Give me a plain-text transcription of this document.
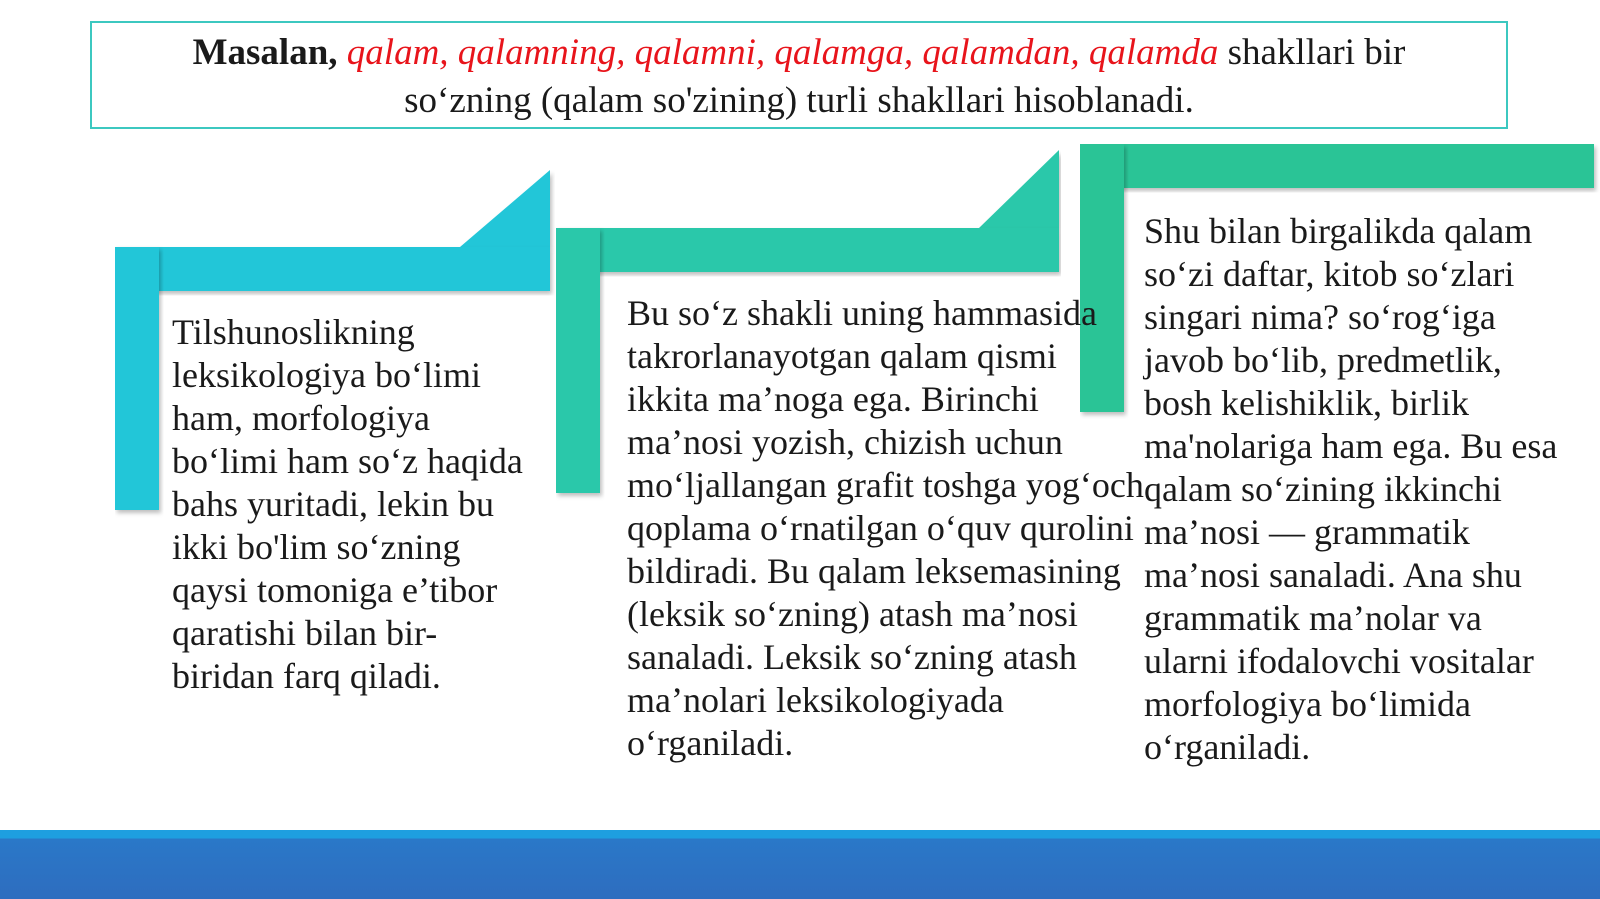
Masalan, qalam, qalamning, qalamni, qalamga, qalamdan, qalamda shakllari bir
so‘zning (qalam so'zining) turli shakllari hisoblanadi.
Tilshunoslikning leksikologiya bo‘limi ham, morfologiya bo‘limi ham so‘z haqida bahs yuritadi, lekin bu ikki bo'lim so‘zning qaysi tomoniga e’tibor qaratishi bilan bir-biridan farq qiladi.
Bu so‘z shakli uning hammasida takrorlanayotgan qalam qismi ikkita ma’noga ega. Birinchi ma’nosi yozish, chizish uchun mo‘ljallangan grafit toshga yog‘och qoplama o‘rnatilgan o‘quv qurolini bildiradi. Bu qalam leksemasining (leksik so‘zning) atash ma’nosi sanaladi. Leksik so‘zning atash ma’nolari leksikologiyada o‘rganiladi.
Shu bilan birgalikda qalam so‘zi daftar, kitob so‘zlari singari nima? so‘rog‘iga javob bo‘lib, predmetlik, bosh kelishiklik, birlik ma'nolariga ham ega. Bu esa qalam so‘zining ikkinchi ma’nosi — grammatik ma’nosi sanaladi. Ana shu grammatik ma’nolar va ularni ifodalovchi vositalar morfologiya bo‘limida o‘rganiladi.
